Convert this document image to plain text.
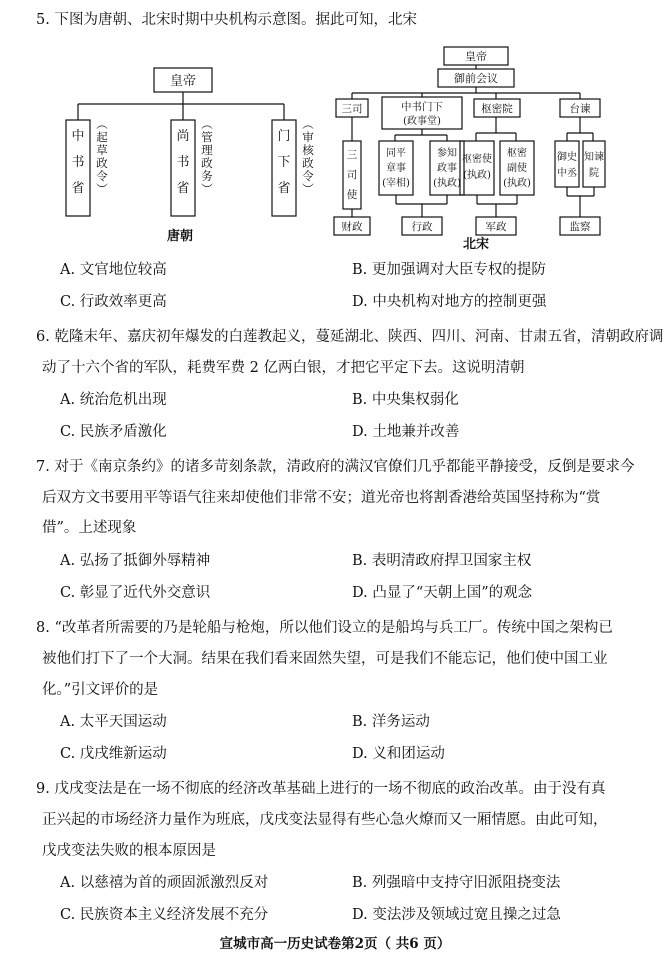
5. 下图为唐朝、北宋时期中央机构示意图。据此可知，北宋
皇帝
中书省
尚书省
门下省
︵起草政令︶
︵管理政务︶
︵审核政令︶
唐朝
皇帝
御前会议
三司	中书门下
(政事堂)
枢密院	台谏
三司使
同平章事(宰相)
参知政事(执政)
枢密使(执政)
枢密副使(执政)
御史中丞
知谏院
财政	行政	军政	监察
北宋
A. 文官地位较高	B. 更加强调对大臣专权的提防
C. 行政效率更高	D. 中央机构对地方的控制更强
6. 乾隆末年、嘉庆初年爆发的白莲教起义，蔓延湖北、陕西、四川、河南、甘肃五省，清朝政府调
动了十六个省的军队，耗费军费 2 亿两白银，才把它平定下去。这说明清朝
A. 统治危机出现	B. 中央集权弱化
C. 民族矛盾激化	D. 土地兼并改善
7. 对于《南京条约》的诸多苛刻条款，清政府的满汉官僚们几乎都能平静接受，反倒是要求今
后双方文书要用平等语气往来却使他们非常不安；道光帝也将割香港给英国坚持称为“赏
借”。上述现象
A. 弘扬了抵御外辱精神	B. 表明清政府捍卫国家主权
C. 彰显了近代外交意识	D. 凸显了“天朝上国”的观念
8. “改革者所需要的乃是轮船与枪炮，所以他们设立的是船坞与兵工厂。传统中国之架构已
被他们打下了一个大洞。结果在我们看来固然失望，可是我们不能忘记，他们使中国工业
化。”引文评价的是
A. 太平天国运动	B. 洋务运动
C. 戊戌维新运动	D. 义和团运动
9. 戊戌变法是在一场不彻底的经济改革基础上进行的一场不彻底的政治改革。由于没有真
正兴起的市场经济力量作为班底，戊戌变法显得有些心急火燎而又一厢情愿。由此可知，
戊戌变法失败的根本原因是
A. 以慈禧为首的顽固派激烈反对	B. 列强暗中支持守旧派阻挠变法
C. 民族资本主义经济发展不充分	D. 变法涉及领域过宽且操之过急
宣城市高一历史试卷第2页（ 共6 页）
